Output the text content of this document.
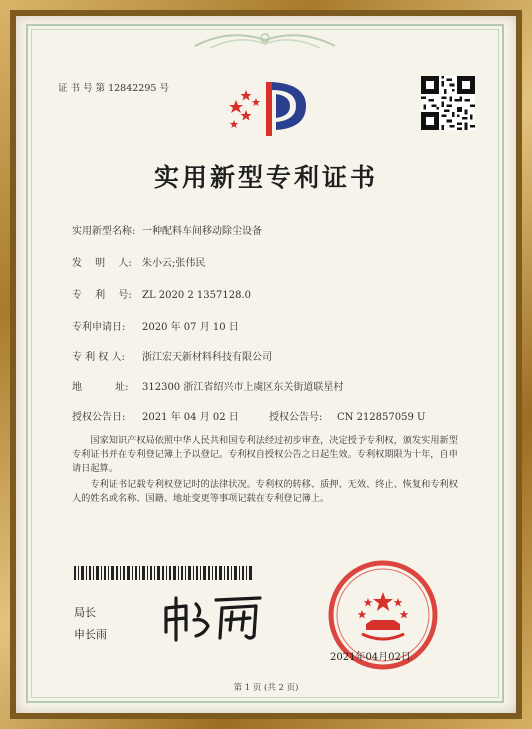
证 书 号 第 12842295 号
实用新型专利证书
实用新型名称: 一种配料车间移动除尘设备
发　 明　 人: 朱小云;张伟民
专　 利　 号: ZL 2020 2 1357128.0
专利申请日: 2020 年 07 月 10 日
专 利 权 人: 浙江宏天新材料科技有限公司
地　　　 址: 312300 浙江省绍兴市上虞区东关街道联星村
授权公告日: 2021 年 04 月 02 日	授权公告号: CN 212857059 U
国家知识产权局依照中华人民共和国专利法经过初步审查，决定授予专利权，颁发实用新型专利证书并在专利登记簿上予以登记。专利权自授权公告之日起生效。专利权期限为十年，自申请日起算。
专利证书记载专利权登记时的法律状况。专利权的转移、质押、无效、终止、恢复和专利权人的姓名或名称、国籍、地址变更等事项记载在专利登记簿上。
局长
申长雨
2021年04月02日
第 1 页 (共 2 页)
